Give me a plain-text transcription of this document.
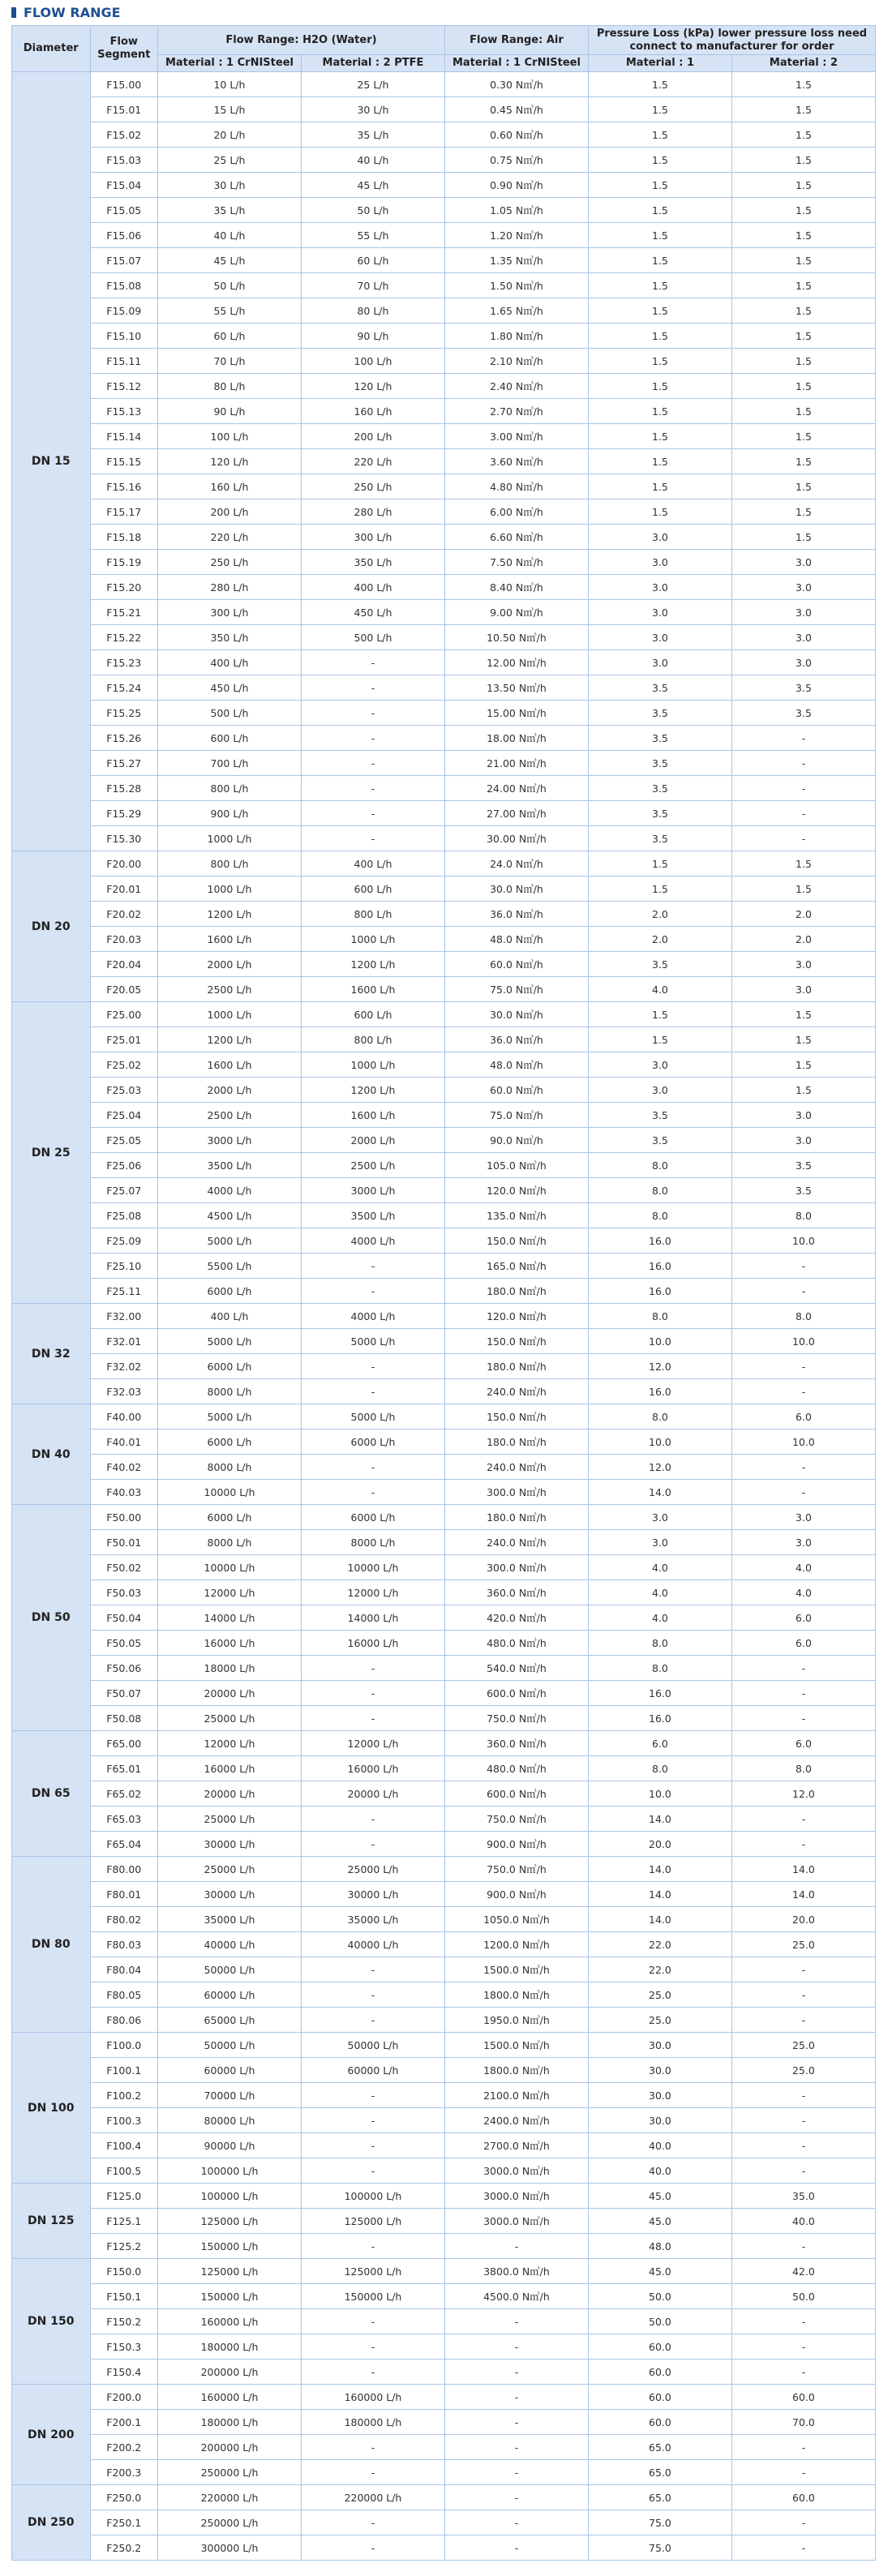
FLOW RANGE
Diameter	Flow Segment	Flow Range: H2O (Water)		Flow Range: Air	Pressure Loss (kPa) lower pressure loss need connect to manufacturer for order	
		Material : 1 CrNISteel	Material : 2 PTFE	Material : 1 CrNISteel	Material : 1	Material : 2
DN 15	F15.00	10 L/h	25 L/h	0.30 N㎥/h	1.5	1.5
	F15.01	15 L/h	30 L/h	0.45 N㎥/h	1.5	1.5
	F15.02	20 L/h	35 L/h	0.60 N㎥/h	1.5	1.5
	F15.03	25 L/h	40 L/h	0.75 N㎥/h	1.5	1.5
	F15.04	30 L/h	45 L/h	0.90 N㎥/h	1.5	1.5
	F15.05	35 L/h	50 L/h	1.05 N㎥/h	1.5	1.5
	F15.06	40 L/h	55 L/h	1.20 N㎥/h	1.5	1.5
	F15.07	45 L/h	60 L/h	1.35 N㎥/h	1.5	1.5
	F15.08	50 L/h	70 L/h	1.50 N㎥/h	1.5	1.5
	F15.09	55 L/h	80 L/h	1.65 N㎥/h	1.5	1.5
	F15.10	60 L/h	90 L/h	1.80 N㎥/h	1.5	1.5
	F15.11	70 L/h	100 L/h	2.10 N㎥/h	1.5	1.5
	F15.12	80 L/h	120 L/h	2.40 N㎥/h	1.5	1.5
	F15.13	90 L/h	160 L/h	2.70 N㎥/h	1.5	1.5
	F15.14	100 L/h	200 L/h	3.00 N㎥/h	1.5	1.5
	F15.15	120 L/h	220 L/h	3.60 N㎥/h	1.5	1.5
	F15.16	160 L/h	250 L/h	4.80 N㎥/h	1.5	1.5
	F15.17	200 L/h	280 L/h	6.00 N㎥/h	1.5	1.5
	F15.18	220 L/h	300 L/h	6.60 N㎥/h	3.0	1.5
	F15.19	250 L/h	350 L/h	7.50 N㎥/h	3.0	3.0
	F15.20	280 L/h	400 L/h	8.40 N㎥/h	3.0	3.0
	F15.21	300 L/h	450 L/h	9.00 N㎥/h	3.0	3.0
	F15.22	350 L/h	500 L/h	10.50 N㎥/h	3.0	3.0
	F15.23	400 L/h	-	12.00 N㎥/h	3.0	3.0
	F15.24	450 L/h	-	13.50 N㎥/h	3.5	3.5
	F15.25	500 L/h	-	15.00 N㎥/h	3.5	3.5
	F15.26	600 L/h	-	18.00 N㎥/h	3.5	-
	F15.27	700 L/h	-	21.00 N㎥/h	3.5	-
	F15.28	800 L/h	-	24.00 N㎥/h	3.5	-
	F15.29	900 L/h	-	27.00 N㎥/h	3.5	-
	F15.30	1000 L/h	-	30.00 N㎥/h	3.5	-
DN 20	F20.00	800 L/h	400 L/h	24.0 N㎥/h	1.5	1.5
	F20.01	1000 L/h	600 L/h	30.0 N㎥/h	1.5	1.5
	F20.02	1200 L/h	800 L/h	36.0 N㎥/h	2.0	2.0
	F20.03	1600 L/h	1000 L/h	48.0 N㎥/h	2.0	2.0
	F20.04	2000 L/h	1200 L/h	60.0 N㎥/h	3.5	3.0
	F20.05	2500 L/h	1600 L/h	75.0 N㎥/h	4.0	3.0
DN 25	F25.00	1000 L/h	600 L/h	30.0 N㎥/h	1.5	1.5
	F25.01	1200 L/h	800 L/h	36.0 N㎥/h	1.5	1.5
	F25.02	1600 L/h	1000 L/h	48.0 N㎥/h	3.0	1.5
	F25.03	2000 L/h	1200 L/h	60.0 N㎥/h	3.0	1.5
	F25.04	2500 L/h	1600 L/h	75.0 N㎥/h	3.5	3.0
	F25.05	3000 L/h	2000 L/h	90.0 N㎥/h	3.5	3.0
	F25.06	3500 L/h	2500 L/h	105.0 N㎥/h	8.0	3.5
	F25.07	4000 L/h	3000 L/h	120.0 N㎥/h	8.0	3.5
	F25.08	4500 L/h	3500 L/h	135.0 N㎥/h	8.0	8.0
	F25.09	5000 L/h	4000 L/h	150.0 N㎥/h	16.0	10.0
	F25.10	5500 L/h	-	165.0 N㎥/h	16.0	-
	F25.11	6000 L/h	-	180.0 N㎥/h	16.0	-
DN 32	F32.00	400 L/h	4000 L/h	120.0 N㎥/h	8.0	8.0
	F32.01	5000 L/h	5000 L/h	150.0 N㎥/h	10.0	10.0
	F32.02	6000 L/h	-	180.0 N㎥/h	12.0	-
	F32.03	8000 L/h	-	240.0 N㎥/h	16.0	-
DN 40	F40.00	5000 L/h	5000 L/h	150.0 N㎥/h	8.0	6.0
	F40.01	6000 L/h	6000 L/h	180.0 N㎥/h	10.0	10.0
	F40.02	8000 L/h	-	240.0 N㎥/h	12.0	-
	F40.03	10000 L/h	-	300.0 N㎥/h	14.0	-
DN 50	F50.00	6000 L/h	6000 L/h	180.0 N㎥/h	3.0	3.0
	F50.01	8000 L/h	8000 L/h	240.0 N㎥/h	3.0	3.0
	F50.02	10000 L/h	10000 L/h	300.0 N㎥/h	4.0	4.0
	F50.03	12000 L/h	12000 L/h	360.0 N㎥/h	4.0	4.0
	F50.04	14000 L/h	14000 L/h	420.0 N㎥/h	4.0	6.0
	F50.05	16000 L/h	16000 L/h	480.0 N㎥/h	8.0	6.0
	F50.06	18000 L/h	-	540.0 N㎥/h	8.0	-
	F50.07	20000 L/h	-	600.0 N㎥/h	16.0	-
	F50.08	25000 L/h	-	750.0 N㎥/h	16.0	-
DN 65	F65.00	12000 L/h	12000 L/h	360.0 N㎥/h	6.0	6.0
	F65.01	16000 L/h	16000 L/h	480.0 N㎥/h	8.0	8.0
	F65.02	20000 L/h	20000 L/h	600.0 N㎥/h	10.0	12.0
	F65.03	25000 L/h	-	750.0 N㎥/h	14.0	-
	F65.04	30000 L/h	-	900.0 N㎥/h	20.0	-
DN 80	F80.00	25000 L/h	25000 L/h	750.0 N㎥/h	14.0	14.0
	F80.01	30000 L/h	30000 L/h	900.0 N㎥/h	14.0	14.0
	F80.02	35000 L/h	35000 L/h	1050.0 N㎥/h	14.0	20.0
	F80.03	40000 L/h	40000 L/h	1200.0 N㎥/h	22.0	25.0
	F80.04	50000 L/h	-	1500.0 N㎥/h	22.0	-
	F80.05	60000 L/h	-	1800.0 N㎥/h	25.0	-
	F80.06	65000 L/h	-	1950.0 N㎥/h	25.0	-
DN 100	F100.0	50000 L/h	50000 L/h	1500.0 N㎥/h	30.0	25.0
	F100.1	60000 L/h	60000 L/h	1800.0 N㎥/h	30.0	25.0
	F100.2	70000 L/h	-	2100.0 N㎥/h	30.0	-
	F100.3	80000 L/h	-	2400.0 N㎥/h	30.0	-
	F100.4	90000 L/h	-	2700.0 N㎥/h	40.0	-
	F100.5	100000 L/h	-	3000.0 N㎥/h	40.0	-
DN 125	F125.0	100000 L/h	100000 L/h	3000.0 N㎥/h	45.0	35.0
	F125.1	125000 L/h	125000 L/h	3000.0 N㎥/h	45.0	40.0
	F125.2	150000 L/h	-	-	48.0	-
DN 150	F150.0	125000 L/h	125000 L/h	3800.0 N㎥/h	45.0	42.0
	F150.1	150000 L/h	150000 L/h	4500.0 N㎥/h	50.0	50.0
	F150.2	160000 L/h	-	-	50.0	-
	F150.3	180000 L/h	-	-	60.0	-
	F150.4	200000 L/h	-	-	60.0	-
DN 200	F200.0	160000 L/h	160000 L/h	-	60.0	60.0
	F200.1	180000 L/h	180000 L/h	-	60.0	70.0
	F200.2	200000 L/h	-	-	65.0	-
	F200.3	250000 L/h	-	-	65.0	-
DN 250	F250.0	220000 L/h	220000 L/h	-	65.0	60.0
	F250.1	250000 L/h	-	-	75.0	-
	F250.2	300000 L/h	-	-	75.0	-
